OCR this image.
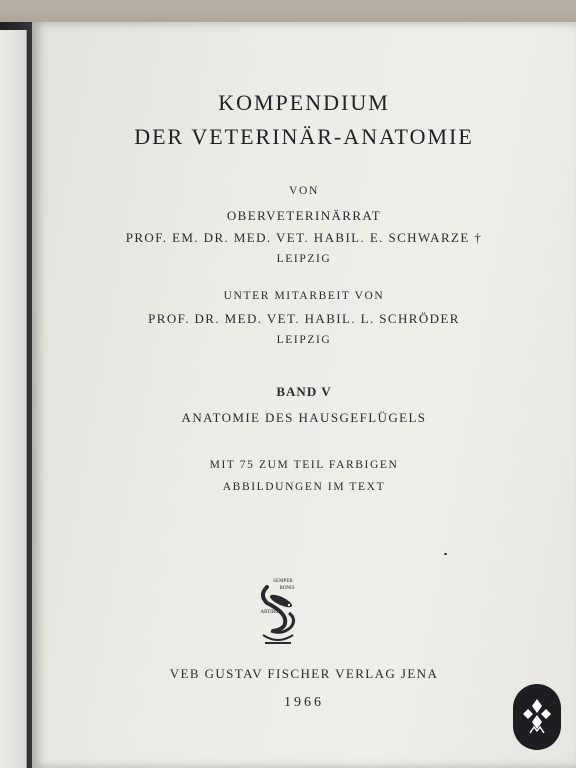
KOMPENDIUM
DER VETERINÄR-ANATOMIE
VON
OBERVETERINÄRRAT
PROF. EM. DR. MED. VET. HABIL. E. SCHWARZE †
LEIPZIG
UNTER MITARBEIT VON
PROF. DR. MED. VET. HABIL. L. SCHRÖDER
LEIPZIG
BAND V
ANATOMIE DES HAUSGEFLÜGELS
MIT 75 ZUM TEIL FARBIGEN
ABBILDUNGEN IM TEXT
VEB GUSTAV FISCHER VERLAG JENA
1966
SEMPER
BONIS
ARTIBUS
